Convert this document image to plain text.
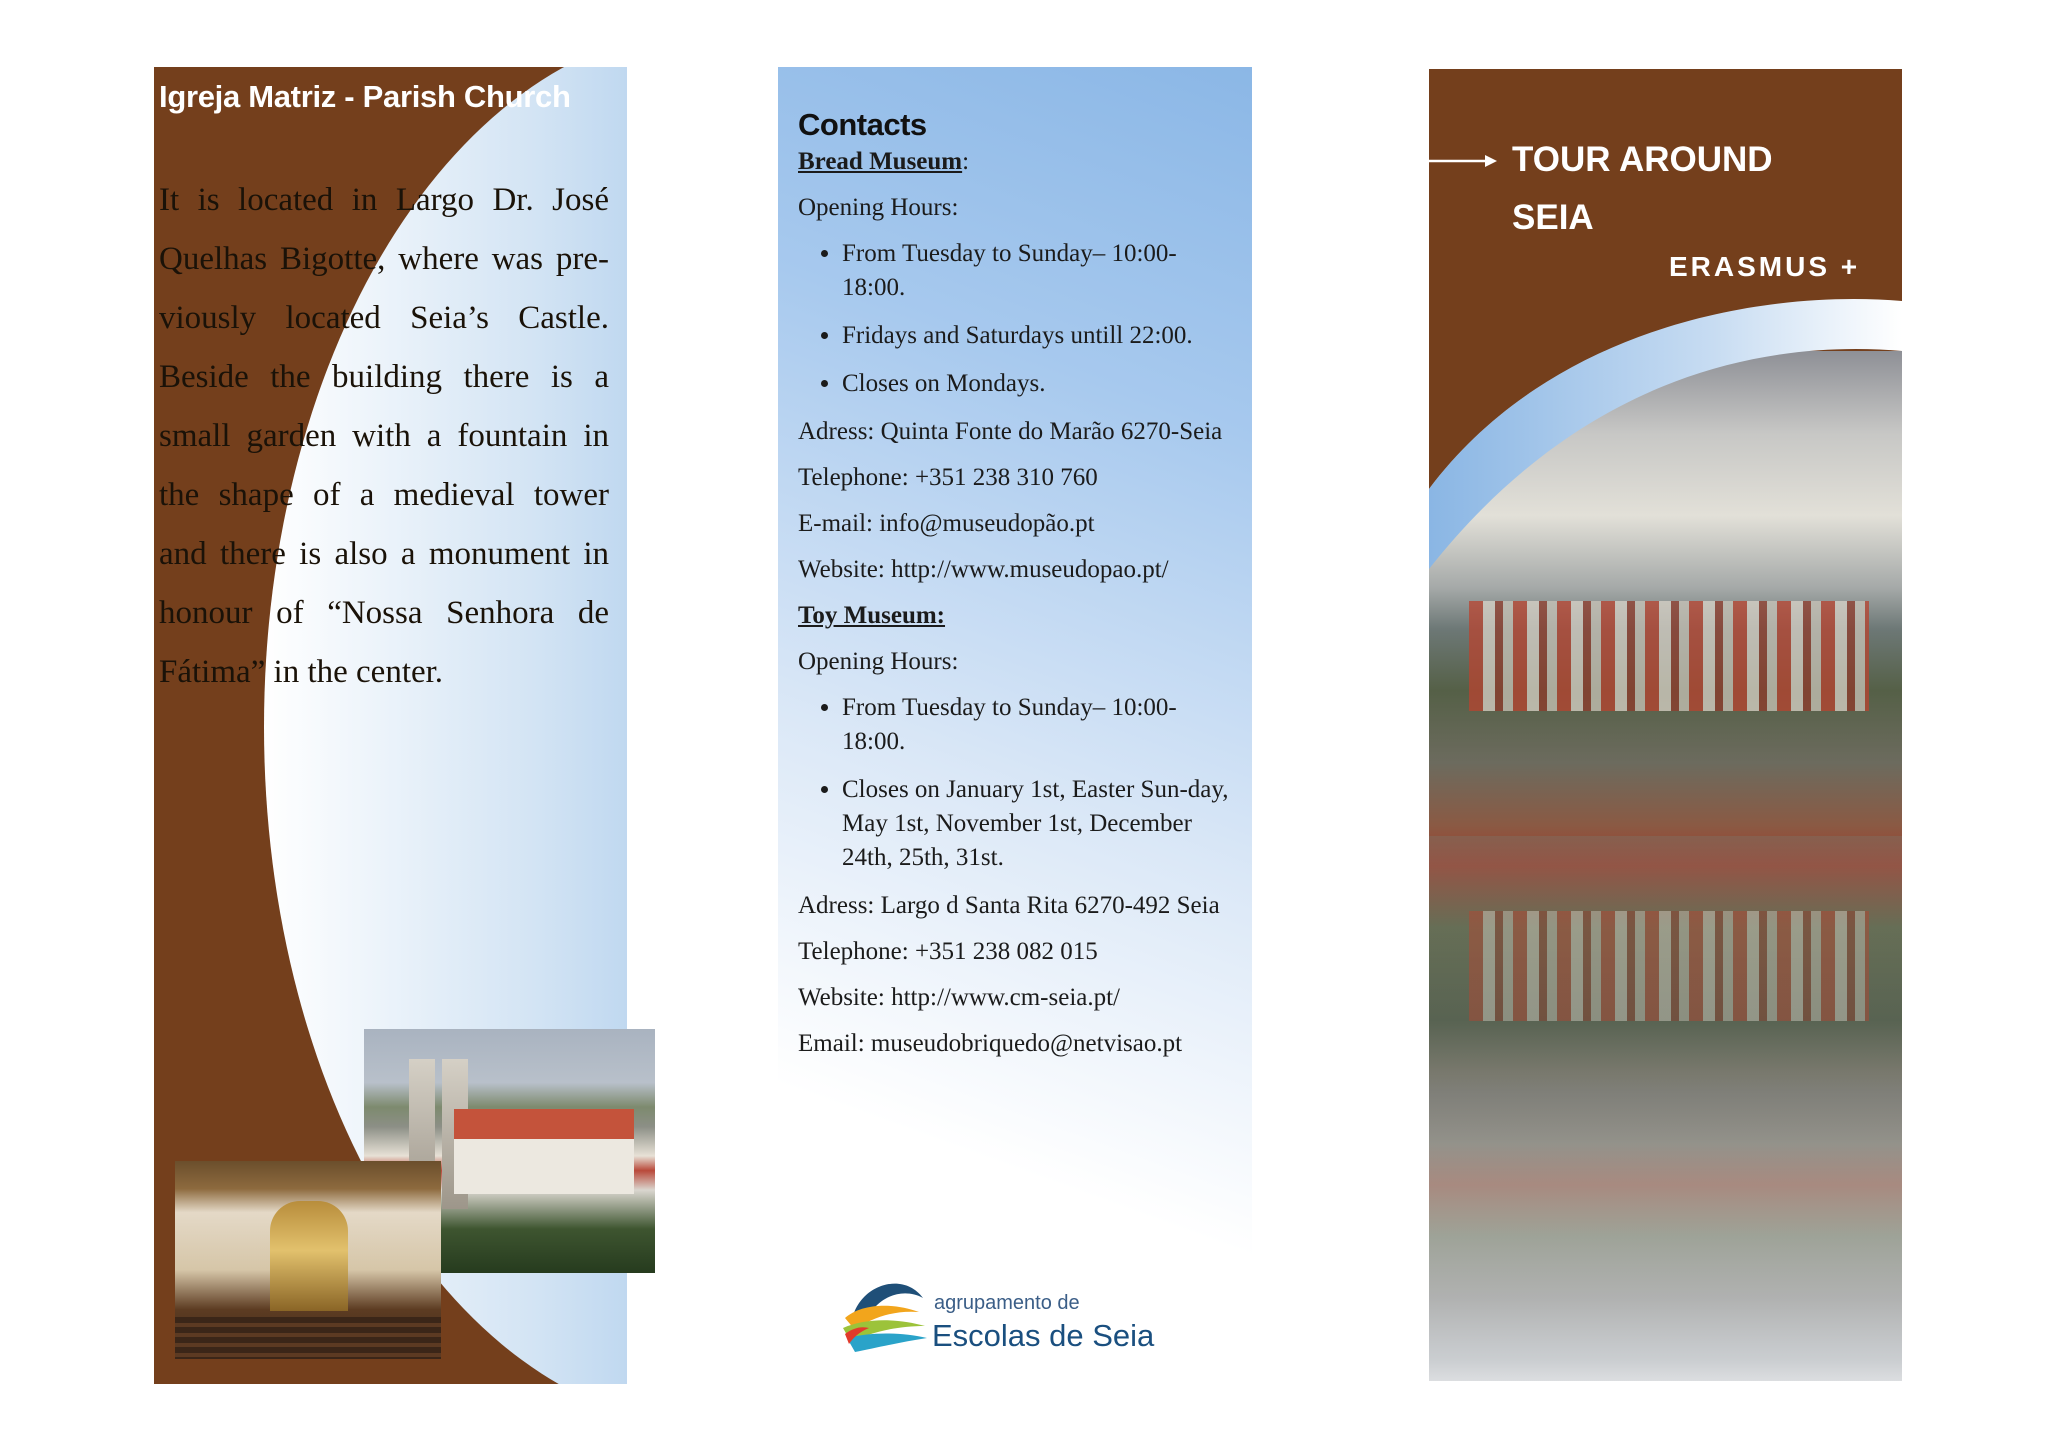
Igreja Matriz - Parish Church

It is located in Largo Dr. José Quelhas Bigotte, where was pre-viously located Seia’s Castle. Beside the building there is a small garden with a fountain in the shape of a medieval tower and there is also a monument in honour of “Nossa Senhora de Fátima” in the center.

Contacts

Bread Museum:

Opening Hours:

• From Tuesday to Sunday– 10:00-18:00.
• Fridays and Saturdays untill 22:00.
• Closes on Mondays.

Adress: Quinta Fonte do Marão 6270-Seia

Telephone: +351 238 310 760

E-mail: info@museudopão.pt

Website: http://www.museudopao.pt/

Toy Museum:

Opening Hours:

• From Tuesday to Sunday– 10:00-18:00.
• Closes on January 1st, Easter Sun-day, May 1st, November 1st, December 24th, 25th, 31st.

Adress: Largo d Santa Rita 6270-492 Seia

Telephone: +351 238 082 015

Website: http://www.cm-seia.pt/

Email: museudobriquedo@netvisao.pt

agrupamento de
Escolas de Seia
TOUR AROUND
SEIA
ERASMUS +
